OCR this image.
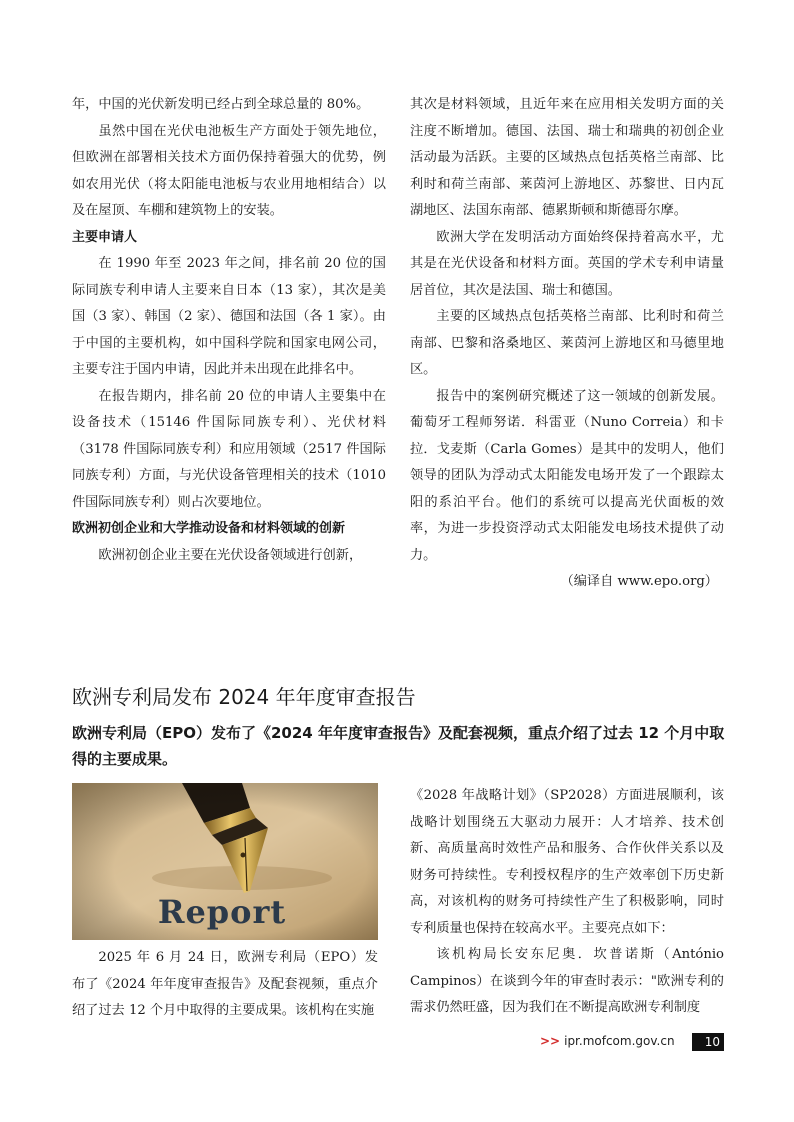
年，中国的光伏新发明已经占到全球总量的 80%。

虽然中国在光伏电池板生产方面处于领先地位，但欧洲在部署相关技术方面仍保持着强大的优势，例如农用光伏（将太阳能电池板与农业用地相结合）以及在屋顶、车棚和建筑物上的安装。

主要申请人

在 1990 年至 2023 年之间，排名前 20 位的国际同族专利申请人主要来自日本（13 家），其次是美国（3 家）、韩国（2 家）、德国和法国（各 1 家）。由于中国的主要机构，如中国科学院和国家电网公司，主要专注于国内申请，因此并未出现在此排名中。

在报告期内，排名前 20 位的申请人主要集中在设备技术（15146 件国际同族专利）、光伏材料（3178 件国际同族专利）和应用领域（2517 件国际同族专利）方面，与光伏设备管理相关的技术（1010 件国际同族专利）则占次要地位。

欧洲初创企业和大学推动设备和材料领域的创新

欧洲初创企业主要在光伏设备领域进行创新，

其次是材料领域，且近年来在应用相关发明方面的关注度不断增加。德国、法国、瑞士和瑞典的初创企业活动最为活跃。主要的区域热点包括英格兰南部、比利时和荷兰南部、莱茵河上游地区、苏黎世、日内瓦湖地区、法国东南部、德累斯顿和斯德哥尔摩。

欧洲大学在发明活动方面始终保持着高水平，尤其是在光伏设备和材料方面。英国的学术专利申请量居首位，其次是法国、瑞士和德国。

主要的区域热点包括英格兰南部、比利时和荷兰南部、巴黎和洛桑地区、莱茵河上游地区和马德里地区。

报告中的案例研究概述了这一领域的创新发展。葡萄牙工程师努诺．科雷亚（Nuno Correia）和卡拉．戈麦斯（Carla Gomes）是其中的发明人，他们领导的团队为浮动式太阳能发电场开发了一个跟踪太阳的系泊平台。他们的系统可以提高光伏面板的效率，为进一步投资浮动式太阳能发电场技术提供了动力。

（编译自 www.epo.org）

欧洲专利局发布 2024 年年度审查报告

欧洲专利局（EPO）发布了《2024 年年度审查报告》及配套视频，重点介绍了过去 12 个月中取得的主要成果。

2025 年 6 月 24 日，欧洲专利局（EPO）发布了《2024 年年度审查报告》及配套视频，重点介绍了过去 12 个月中取得的主要成果。该机构在实施

《2028 年战略计划》（SP2028）方面进展顺利，该战略计划围绕五大驱动力展开：人才培养、技术创新、高质量高时效性产品和服务、合作伙伴关系以及财务可持续性。专利授权程序的生产效率创下历史新高，对该机构的财务可持续性产生了积极影响，同时专利质量也保持在较高水平。主要亮点如下：

该机构局长安东尼奥．坎普诺斯（António Campinos）在谈到今年的审查时表示："欧洲专利的需求仍然旺盛，因为我们在不断提高欧洲专利制度

>> ipr.mofcom.gov.cn	10
